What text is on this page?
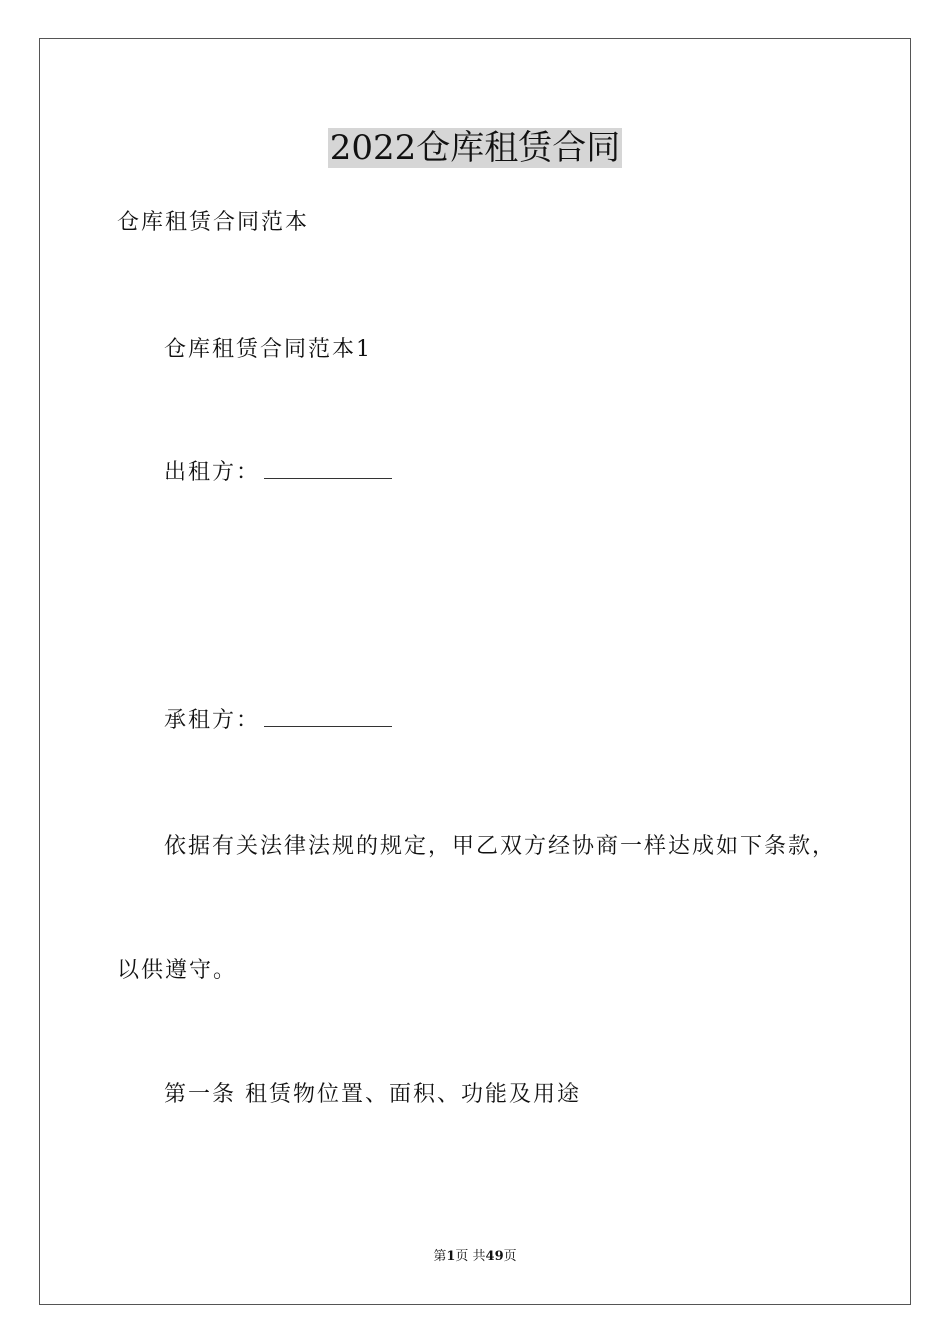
2022仓库租赁合同
仓库租赁合同范本
仓库租赁合同范本1
出租方：
承租方：
依据有关法律法规的规定，甲乙双方经协商一样达成如下条款，
以供遵守。
第一条 租赁物位置、面积、功能及用途
第1页 共49页
